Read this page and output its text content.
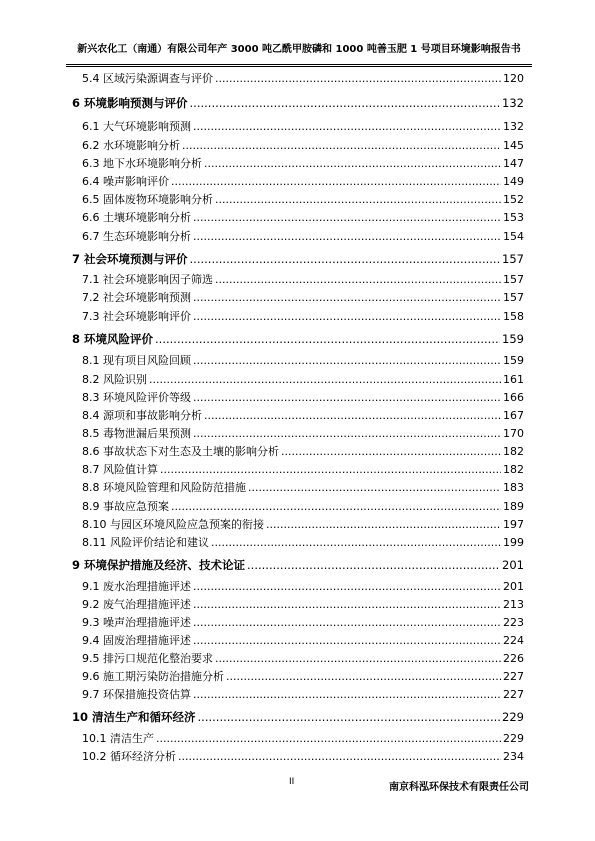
新兴农化工（南通）有限公司年产 3000 吨乙酰甲胺磷和 1000 吨善玉肥 1 号项目环境影响报告书
5.4 区域污染源调查与评价 .....	120
6 环境影响预测与评价 .....	132
6.1 大气环境影响预测 .....	132
6.2 水环境影响分析 .....	145
6.3 地下水环境影响分析 .....	147
6.4 噪声影响评价 .....	149
6.5 固体废物环境影响分析 .....	152
6.6 土壤环境影响分析 .....	153
6.7 生态环境影响分析 .....	154
7 社会环境预测与评价 .....	157
7.1 社会环境影响因子筛选 .....	157
7.2 社会环境影响预测 .....	157
7.3 社会环境影响评价 .....	158
8 环境风险评价 .....	159
8.1 现有项目风险回顾 .....	159
8.2 风险识别 .....	161
8.3 环境风险评价等级 .....	166
8.4 源项和事故影响分析 .....	167
8.5 毒物泄漏后果预测 .....	170
8.6 事故状态下对生态及土壤的影响分析 .....	182
8.7 风险值计算 .....	182
8.8 环境风险管理和风险防范措施 .....	183
8.9 事故应急预案 .....	189
8.10 与园区环境风险应急预案的衔接 .....	197
8.11 风险评价结论和建议 .....	199
9 环境保护措施及经济、技术论证 .....	201
9.1 废水治理措施评述 .....	201
9.2 废气治理措施评述 .....	213
9.3 噪声治理措施评述 .....	223
9.4 固废治理措施评述 .....	224
9.5 排污口规范化整治要求 .....	226
9.6 施工期污染防治措施分析 .....	227
9.7 环保措施投资估算 .....	227
10 清洁生产和循环经济 .....	229
10.1 清洁生产 .....	229
10.2 循环经济分析 .....	234
II	南京科泓环保技术有限责任公司
